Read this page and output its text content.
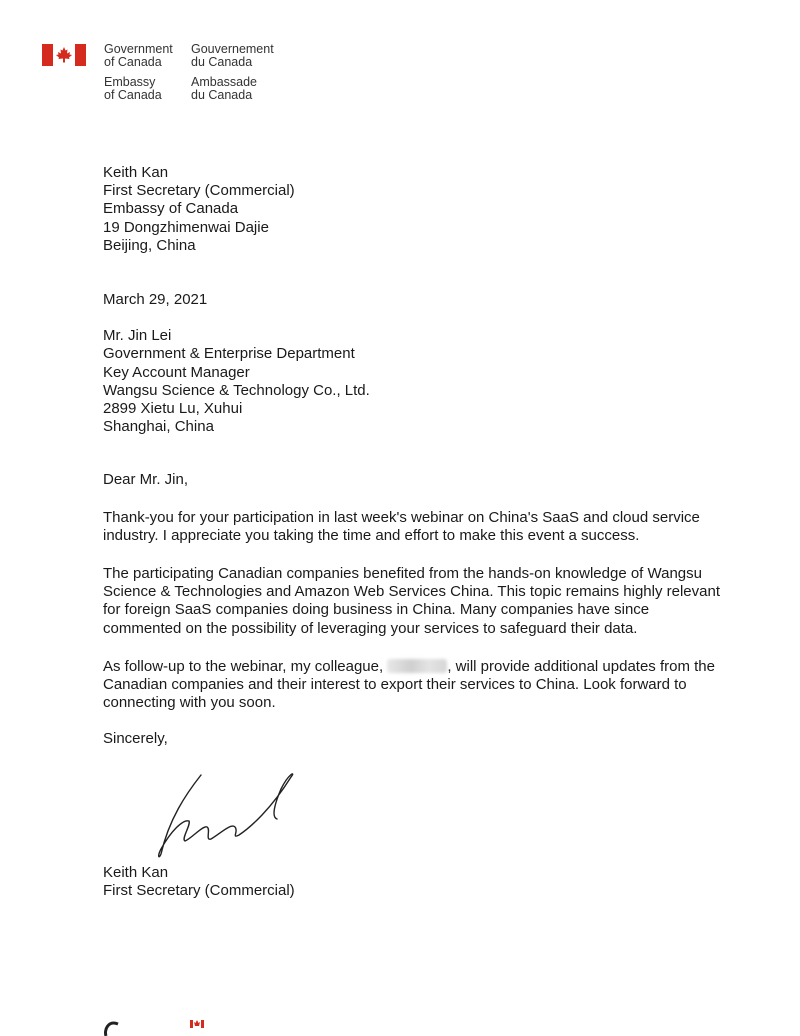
Government
of Canada
Embassy
of Canada
Gouvernement
du Canada
Ambassade
du Canada
Keith Kan
First Secretary (Commercial)
Embassy of Canada
19 Dongzhimenwai Dajie
Beijing, China
March 29, 2021
Mr. Jin Lei
Government & Enterprise Department
Key Account Manager
Wangsu Science & Technology Co., Ltd.
2899 Xietu Lu, Xuhui
Shanghai, China
Dear Mr. Jin,
Thank-you for your participation in last week's webinar on China's SaaS and cloud service industry. I appreciate you taking the time and effort to make this event a success.
The participating Canadian companies benefited from the hands-on knowledge of Wangsu Science & Technologies and Amazon Web Services China. This topic remains highly relevant for foreign SaaS companies doing business in China. Many companies have since commented on the possibility of leveraging your services to safeguard their data.
As follow-up to the webinar, my colleague,	, will provide additional updates from the Canadian companies and their interest to export their services to China. Look forward to connecting with you soon.
Sincerely,
Keith Kan
First Secretary (Commercial)
